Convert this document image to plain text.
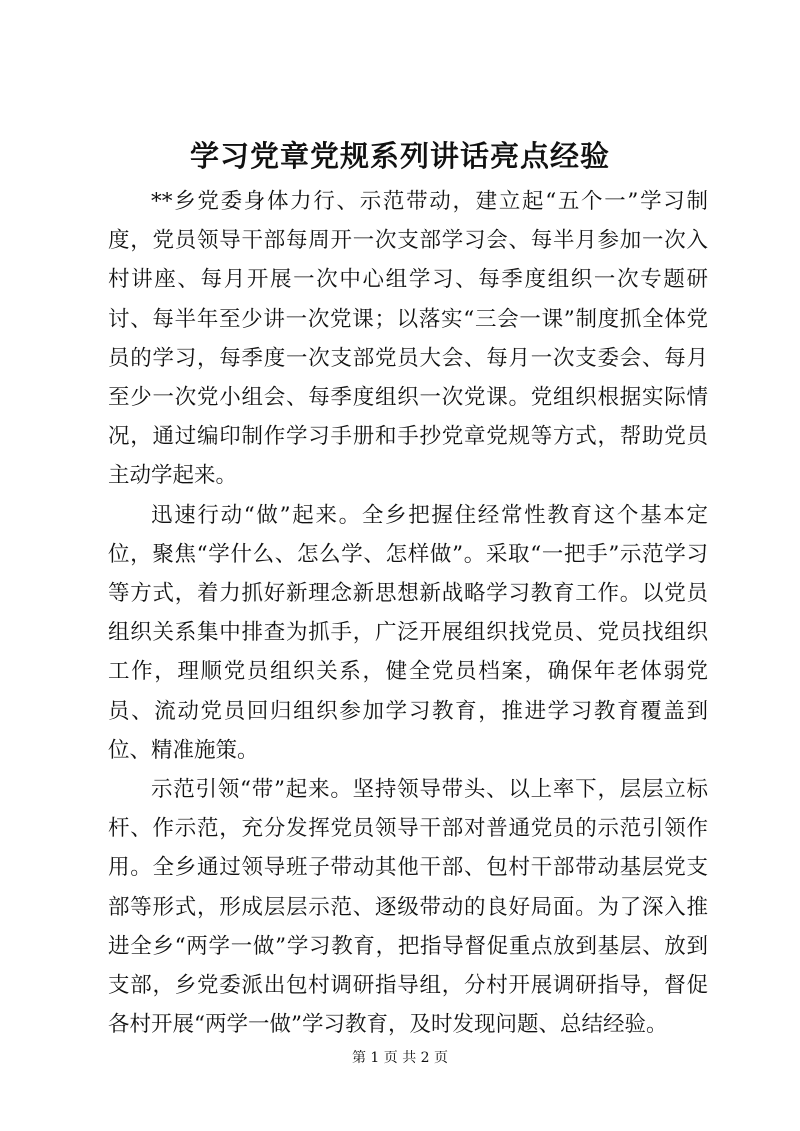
学习党章党规系列讲话亮点经验

**乡党委身体力行、示范带动，建立起“五个一”学习制度，党员领导干部每周开一次支部学习会、每半月参加一次入村讲座、每月开展一次中心组学习、每季度组织一次专题研讨、每半年至少讲一次党课；以落实“三会一课”制度抓全体党员的学习，每季度一次支部党员大会、每月一次支委会、每月至少一次党小组会、每季度组织一次党课。党组织根据实际情况，通过编印制作学习手册和手抄党章党规等方式，帮助党员主动学起来。

迅速行动“做”起来。全乡把握住经常性教育这个基本定位，聚焦“学什么、怎么学、怎样做”。采取“一把手”示范学习等方式，着力抓好新理念新思想新战略学习教育工作。以党员组织关系集中排查为抓手，广泛开展组织找党员、党员找组织工作，理顺党员组织关系，健全党员档案，确保年老体弱党员、流动党员回归组织参加学习教育，推进学习教育覆盖到位、精准施策。

示范引领“带”起来。坚持领导带头、以上率下，层层立标杆、作示范，充分发挥党员领导干部对普通党员的示范引领作用。全乡通过领导班子带动其他干部、包村干部带动基层党支部等形式，形成层层示范、逐级带动的良好局面。为了深入推进全乡“两学一做”学习教育，把指导督促重点放到基层、放到支部，乡党委派出包村调研指导组，分村开展调研指导，督促各村开展“两学一做”学习教育，及时发现问题、总结经验。

第 1 页 共 2 页
